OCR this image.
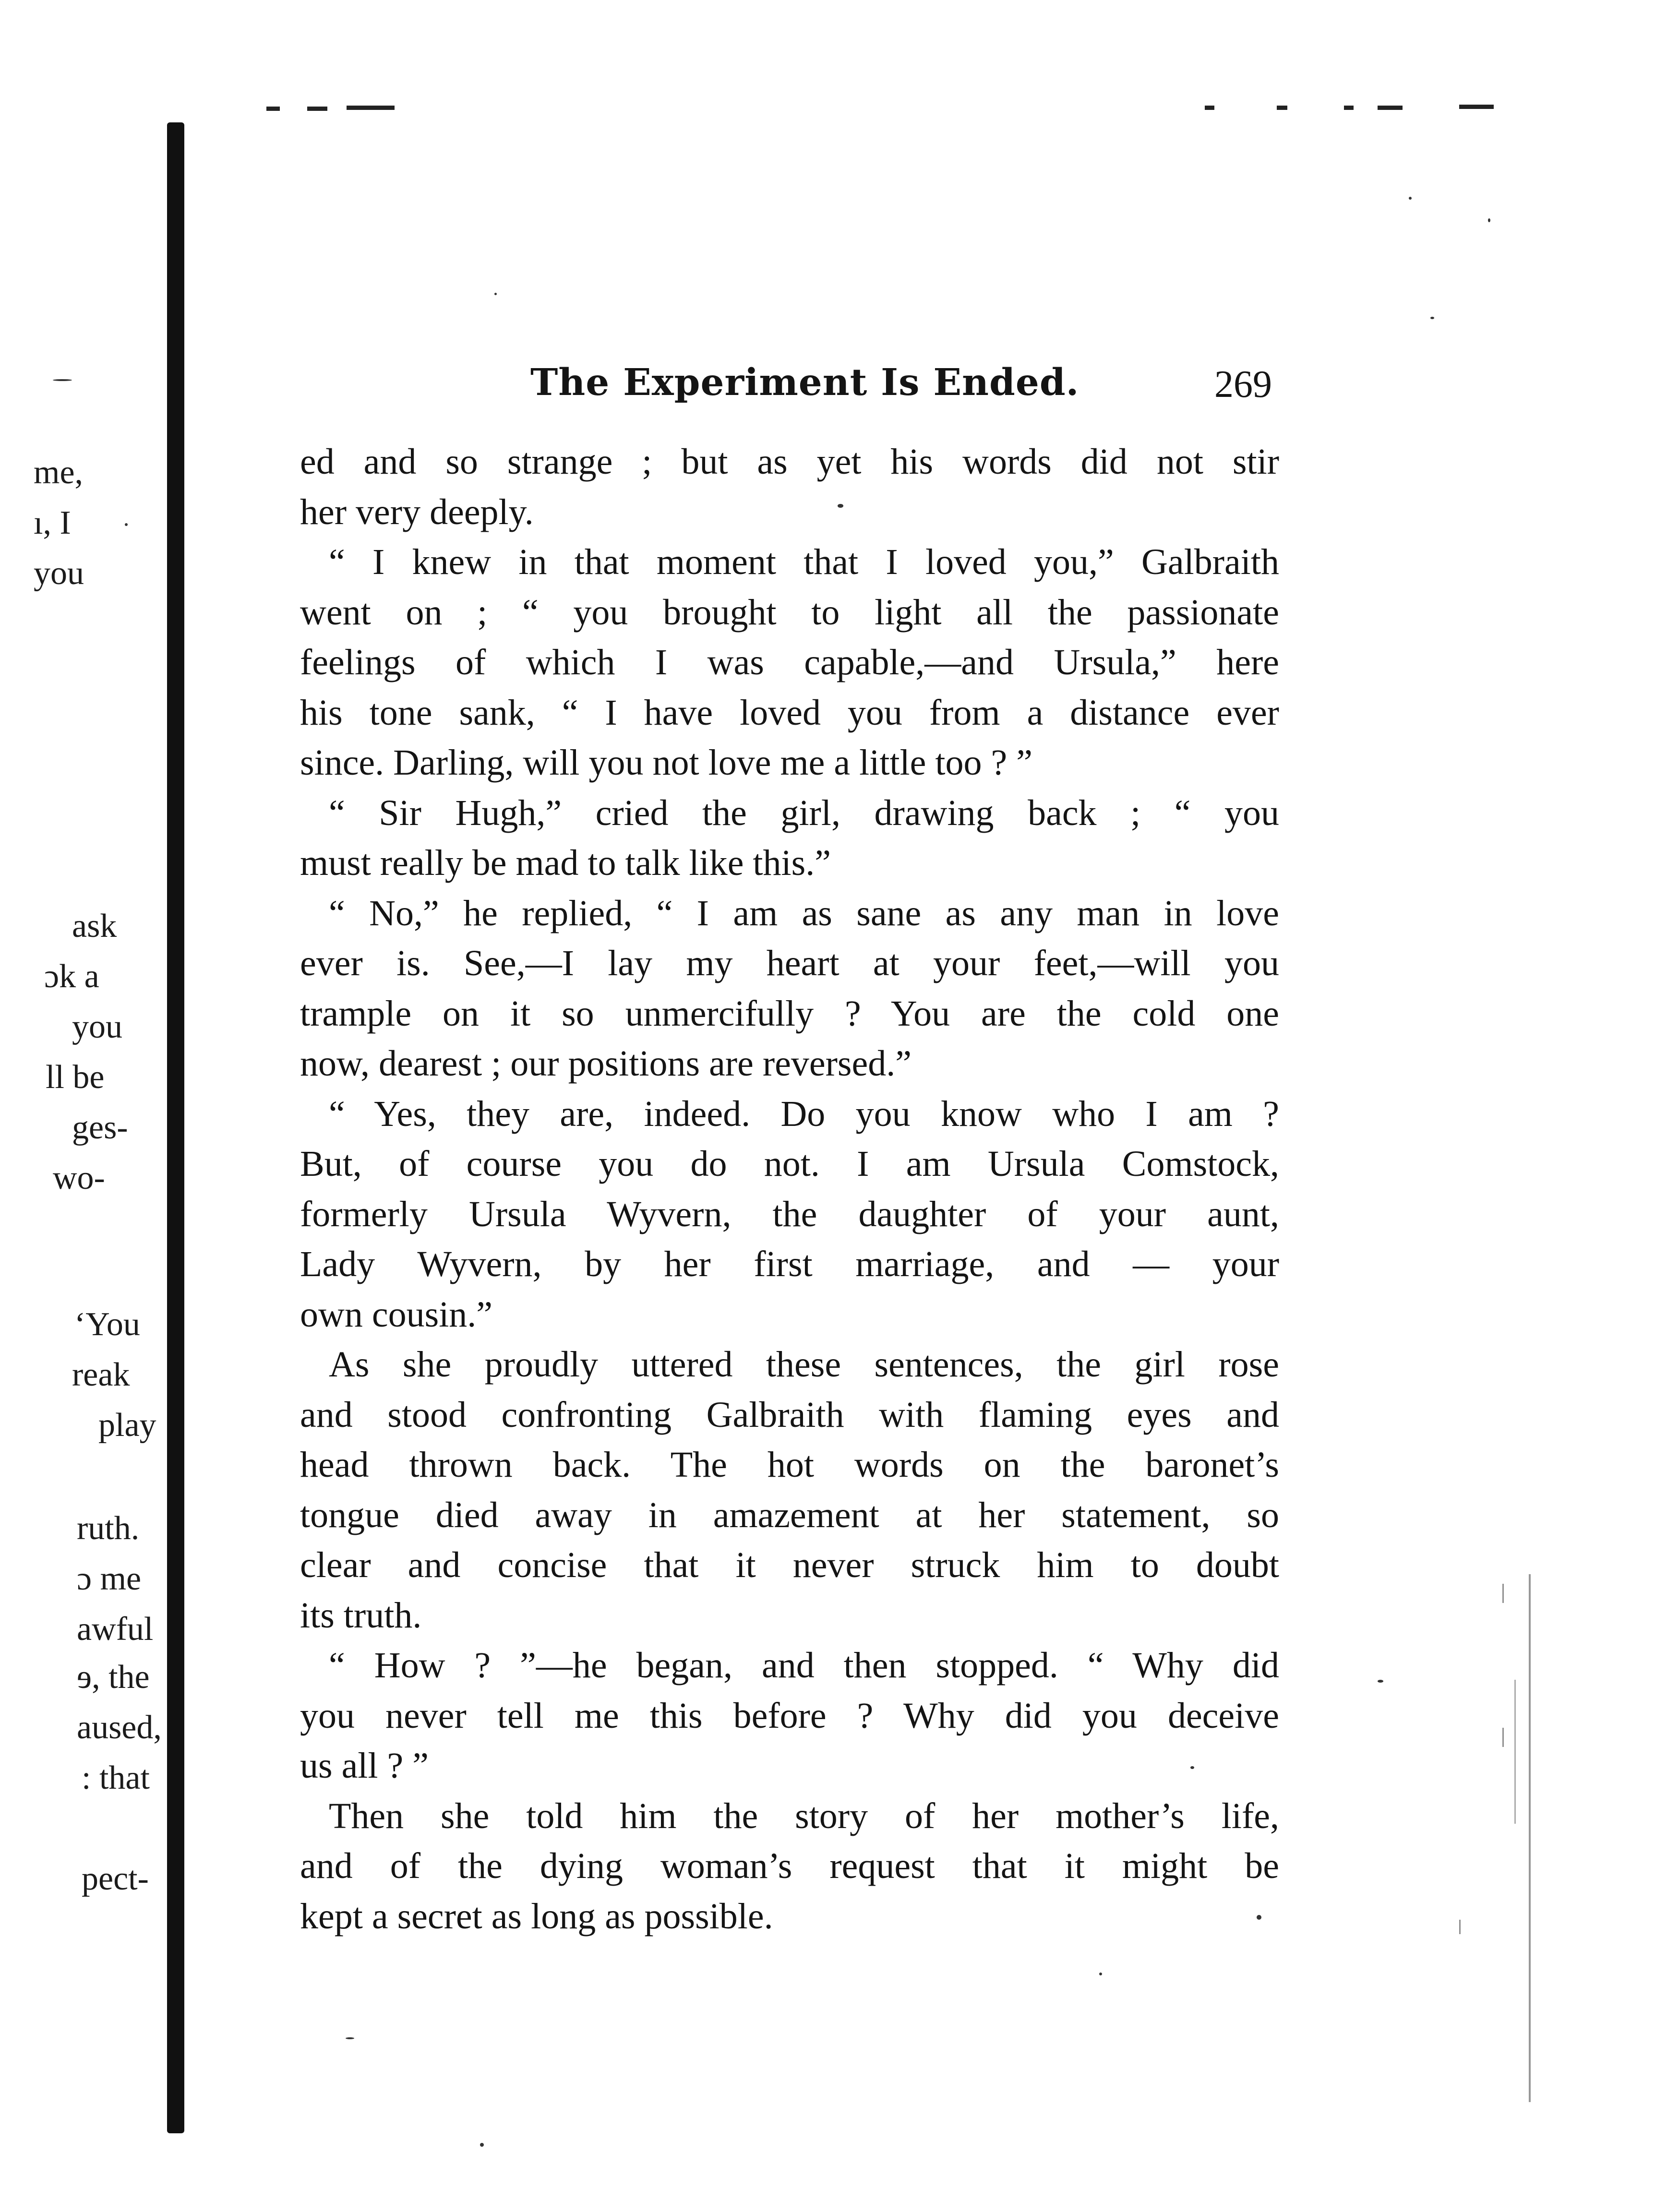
me,
ı, I
you
ask
ɔk a
you
ll be
ges-
wo-
‘You
reak
play
ruth.
ɔ me
awful
ɘ, the
aused,
: that
pect-
The Experiment Is Ended.	269
ed and so strange ; but as yet his words did not stir
her very deeply.
“ I knew in that moment that I loved you,” Galbraith
went on ; “ you brought to light all the passionate
feelings of which I was capable,—and Ursula,” here
his tone sank, “ I have loved you from a distance ever
since. Darling, will you not love me a little too ? ”
“ Sir Hugh,” cried the girl, drawing back ; “ you
must really be mad to talk like this.”
“ No,” he replied, “ I am as sane as any man in love
ever is. See,—I lay my heart at your feet,—will you
trample on it so unmercifully ? You are the cold one
now, dearest ; our positions are reversed.”
“ Yes, they are, indeed. Do you know who I am ?
But, of course you do not. I am Ursula Comstock,
formerly Ursula Wyvern, the daughter of your aunt,
Lady Wyvern, by her first marriage, and — your
own cousin.”
As she proudly uttered these sentences, the girl rose
and stood confronting Galbraith with flaming eyes and
head thrown back. The hot words on the baronet’s
tongue died away in amazement at her statement, so
clear and concise that it never struck him to doubt
its truth.
“ How ? ”—he began, and then stopped. “ Why did
you never tell me this before ? Why did you deceive
us all ? ”
Then she told him the story of her mother’s life,
and of the dying woman’s request that it might be
kept a secret as long as possible.
